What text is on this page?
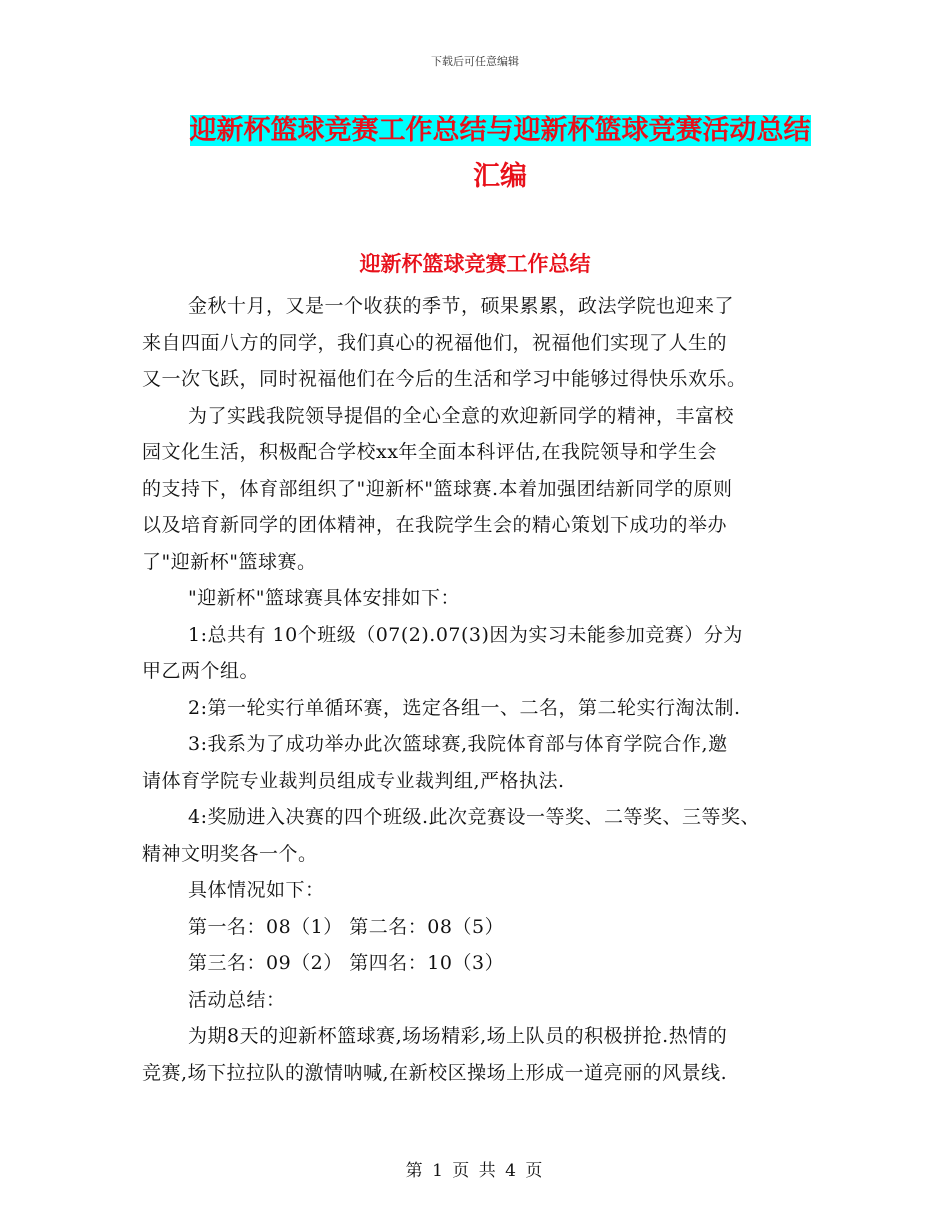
下载后可任意编辑
迎新杯篮球竞赛工作总结与迎新杯篮球竞赛活动总结
汇编
迎新杯篮球竞赛工作总结
金秋十月，又是一个收获的季节，硕果累累，政法学院也迎来了
来自四面八方的同学，我们真心的祝福他们，祝福他们实现了人生的
又一次飞跃，同时祝福他们在今后的生活和学习中能够过得快乐欢乐。
为了实践我院领导提倡的全心全意的欢迎新同学的精神，丰富校
园文化生活，积极配合学校xx年全面本科评估,在我院领导和学生会
的支持下，体育部组织了"迎新杯"篮球赛.本着加强团结新同学的原则
以及培育新同学的团体精神，在我院学生会的精心策划下成功的举办
了"迎新杯"篮球赛。
"迎新杯"篮球赛具体安排如下：
1:总共有 10个班级（07(2).07(3)因为实习未能参加竞赛）分为
甲乙两个组。
2:第一轮实行单循环赛，选定各组一、二名，第二轮实行淘汰制.
3:我系为了成功举办此次篮球赛,我院体育部与体育学院合作,邀
请体育学院专业裁判员组成专业裁判组,严格执法.
4:奖励进入决赛的四个班级.此次竞赛设一等奖、二等奖、三等奖、
精神文明奖各一个。
具体情况如下：
第一名：08（1） 第二名：08（5）
第三名：09（2） 第四名：10（3）
活动总结：
为期8天的迎新杯篮球赛,场场精彩,场上队员的积极拼抢.热情的
竞赛,场下拉拉队的激情呐喊,在新校区操场上形成一道亮丽的风景线.
第 1 页 共 4 页
